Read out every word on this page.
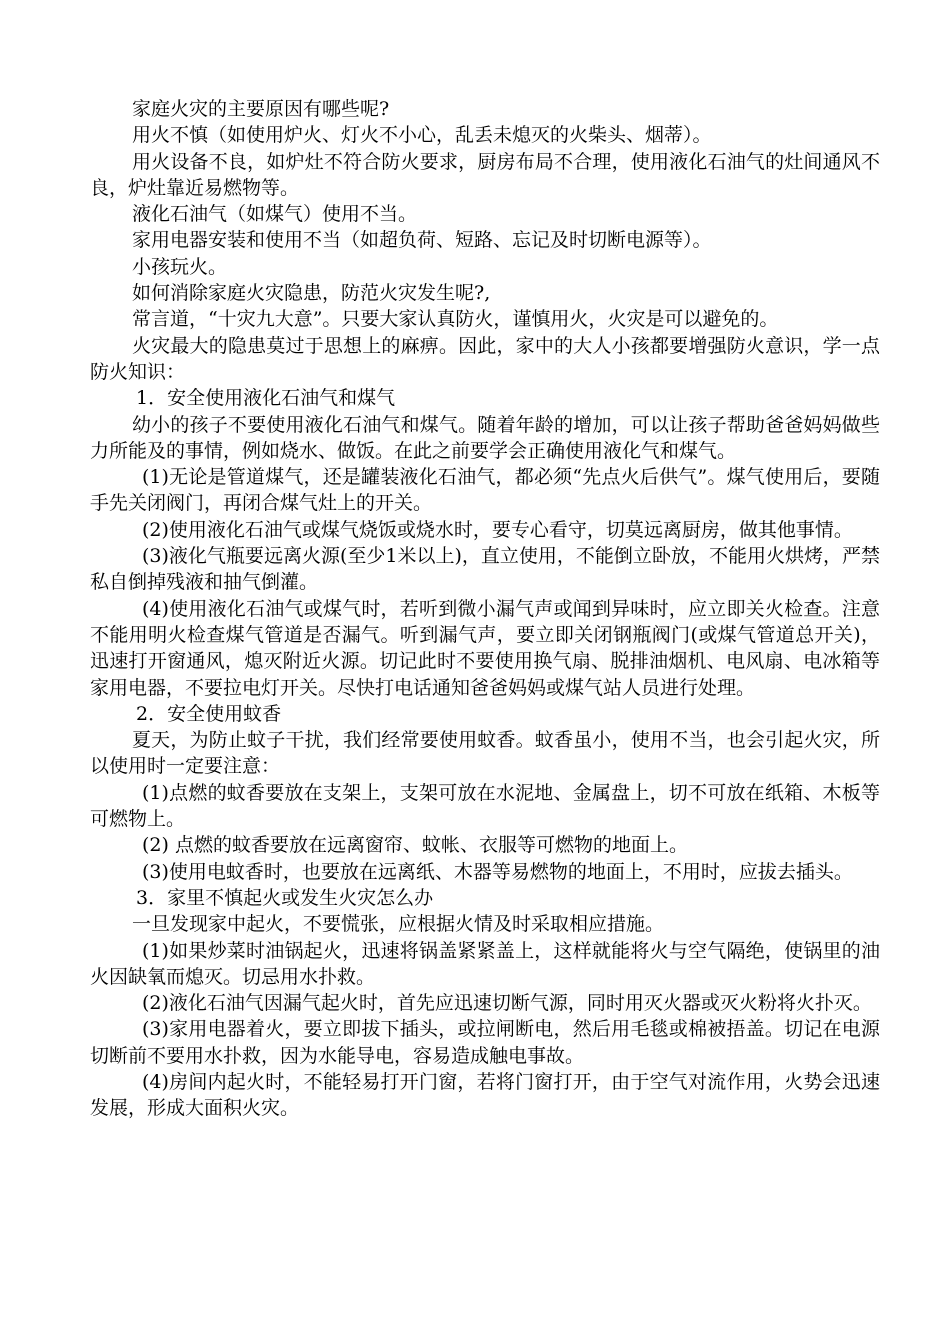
家庭火灾的主要原因有哪些呢?

用火不慎（如使用炉火、灯火不小心，乱丢未熄灭的火柴头、烟蒂）。

用火设备不良，如炉灶不符合防火要求，厨房布局不合理，使用液化石油气的灶间通风不良，炉灶靠近易燃物等。

液化石油气（如煤气）使用不当。

家用电器安装和使用不当（如超负荷、短路、忘记及时切断电源等）。

小孩玩火。

如何消除家庭火灾隐患，防范火灾发生呢?,

常言道，“十灾九大意”。只要大家认真防火，谨慎用火，火灾是可以避免的。

火灾最大的隐患莫过于思想上的麻痹。因此，家中的大人小孩都要增强防火意识，学一点防火知识：

1．安全使用液化石油气和煤气

幼小的孩子不要使用液化石油气和煤气。随着年龄的增加，可以让孩子帮助爸爸妈妈做些力所能及的事情，例如烧水、做饭。在此之前要学会正确使用液化气和煤气。

(1)无论是管道煤气，还是罐装液化石油气，都必须“先点火后供气”。煤气使用后，要随手先关闭阀门，再闭合煤气灶上的开关。

(2)使用液化石油气或煤气烧饭或烧水时，要专心看守，切莫远离厨房，做其他事情。

(3)液化气瓶要远离火源(至少1米以上)，直立使用，不能倒立卧放，不能用火烘烤，严禁私自倒掉残液和抽气倒灌。

(4)使用液化石油气或煤气时，若听到微小漏气声或闻到异味时，应立即关火检查。注意不能用明火检查煤气管道是否漏气。听到漏气声，要立即关闭钢瓶阀门(或煤气管道总开关)，迅速打开窗通风，熄灭附近火源。切记此时不要使用换气扇、脱排油烟机、电风扇、电冰箱等家用电器，不要拉电灯开关。尽快打电话通知爸爸妈妈或煤气站人员进行处理。

2．安全使用蚊香

夏天，为防止蚊子干扰，我们经常要使用蚊香。蚊香虽小，使用不当，也会引起火灾，所以使用时一定要注意：

(1)点燃的蚊香要放在支架上，支架可放在水泥地、金属盘上，切不可放在纸箱、木板等可燃物上。

(2) 点燃的蚊香要放在远离窗帘、蚊帐、衣服等可燃物的地面上。

(3)使用电蚊香时，也要放在远离纸、木器等易燃物的地面上，不用时，应拔去插头。

3．家里不慎起火或发生火灾怎么办

一旦发现家中起火，不要慌张，应根据火情及时采取相应措施。

(1)如果炒菜时油锅起火，迅速将锅盖紧紧盖上，这样就能将火与空气隔绝，使锅里的油火因缺氧而熄灭。切忌用水扑救。

(2)液化石油气因漏气起火时，首先应迅速切断气源，同时用灭火器或灭火粉将火扑灭。

(3)家用电器着火，要立即拔下插头，或拉闸断电，然后用毛毯或棉被捂盖。切记在电源切断前不要用水扑救，因为水能导电，容易造成触电事故。

(4)房间内起火时，不能轻易打开门窗，若将门窗打开，由于空气对流作用，火势会迅速发展，形成大面积火灾。
